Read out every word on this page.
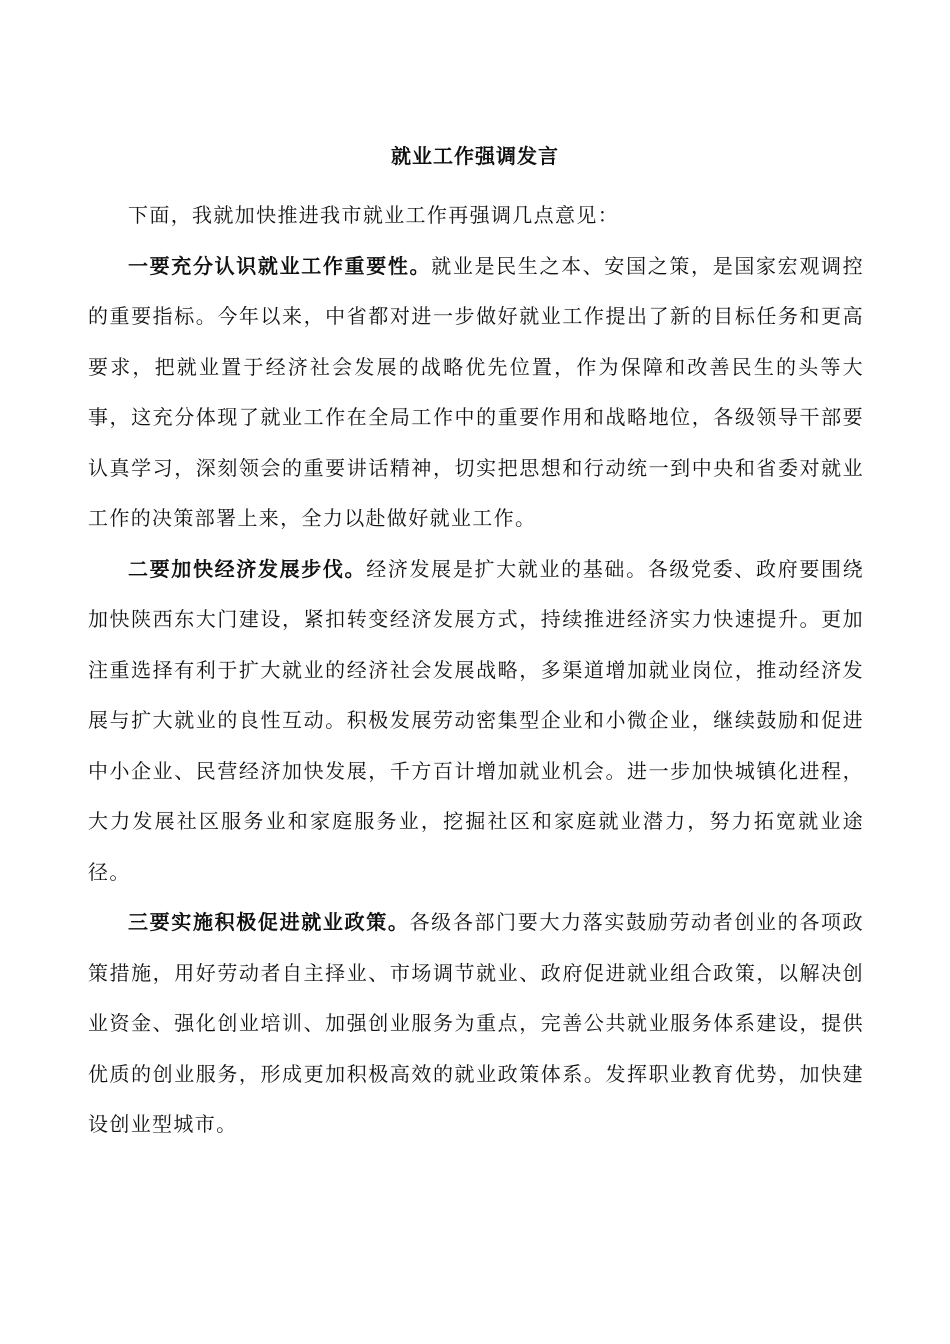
就业工作强调发言

下面，我就加快推进我市就业工作再强调几点意见：

一要充分认识就业工作重要性。就业是民生之本、安国之策，是国家宏观调控的重要指标。今年以来，中省都对进一步做好就业工作提出了新的目标任务和更高要求，把就业置于经济社会发展的战略优先位置，作为保障和改善民生的头等大事，这充分体现了就业工作在全局工作中的重要作用和战略地位，各级领导干部要认真学习，深刻领会的重要讲话精神，切实把思想和行动统一到中央和省委对就业工作的决策部署上来，全力以赴做好就业工作。

二要加快经济发展步伐。经济发展是扩大就业的基础。各级党委、政府要围绕加快陕西东大门建设，紧扣转变经济发展方式，持续推进经济实力快速提升。更加注重选择有利于扩大就业的经济社会发展战略，多渠道增加就业岗位，推动经济发展与扩大就业的良性互动。积极发展劳动密集型企业和小微企业，继续鼓励和促进中小企业、民营经济加快发展，千方百计增加就业机会。进一步加快城镇化进程，大力发展社区服务业和家庭服务业，挖掘社区和家庭就业潜力，努力拓宽就业途径。

三要实施积极促进就业政策。各级各部门要大力落实鼓励劳动者创业的各项政策措施，用好劳动者自主择业、市场调节就业、政府促进就业组合政策，以解决创业资金、强化创业培训、加强创业服务为重点，完善公共就业服务体系建设，提供优质的创业服务，形成更加积极高效的就业政策体系。发挥职业教育优势，加快建设创业型城市。
